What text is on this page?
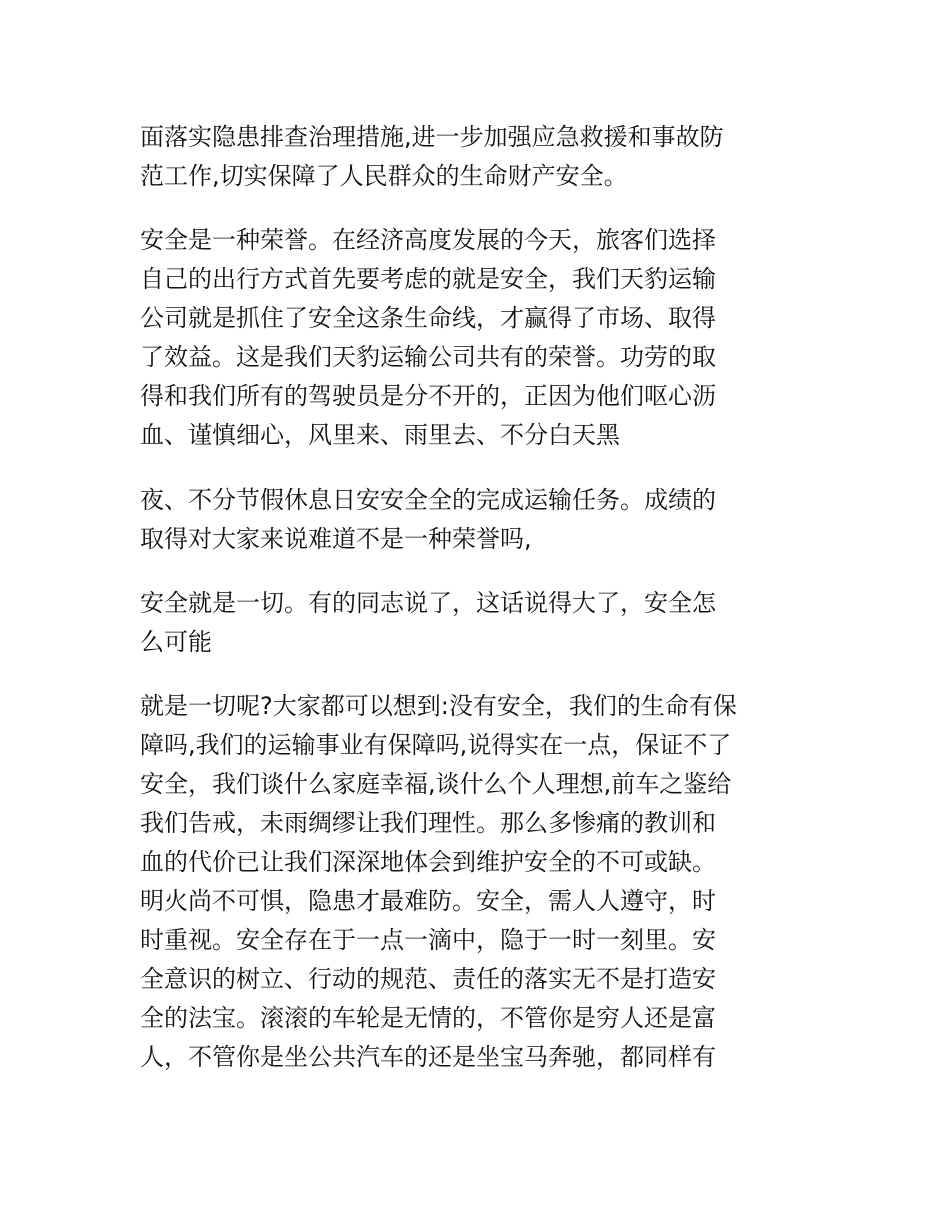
面落实隐患排查治理措施,进一步加强应急救援和事故防
范工作,切实保障了人民群众的生命财产安全。

安全是一种荣誉。在经济高度发展的今天，旅客们选择
自己的出行方式首先要考虑的就是安全，我们天豹运输
公司就是抓住了安全这条生命线，才赢得了市场、取得
了效益。这是我们天豹运输公司共有的荣誉。功劳的取
得和我们所有的驾驶员是分不开的，正因为他们呕心沥
血、谨慎细心，风里来、雨里去、不分白天黑

夜、不分节假休息日安安全全的完成运输任务。成绩的
取得对大家来说难道不是一种荣誉吗,

安全就是一切。有的同志说了，这话说得大了，安全怎
么可能

就是一切呢?大家都可以想到:没有安全，我们的生命有保
障吗,我们的运输事业有保障吗,说得实在一点，保证不了
安全，我们谈什么家庭幸福,谈什么个人理想,前车之鉴给
我们告戒，未雨绸缪让我们理性。那么多惨痛的教训和
血的代价已让我们深深地体会到维护安全的不可或缺。
明火尚不可惧，隐患才最难防。安全，需人人遵守，时
时重视。安全存在于一点一滴中，隐于一时一刻里。安
全意识的树立、行动的规范、责任的落实无不是打造安
全的法宝。滚滚的车轮是无情的，不管你是穷人还是富
人，不管你是坐公共汽车的还是坐宝马奔驰，都同样有
